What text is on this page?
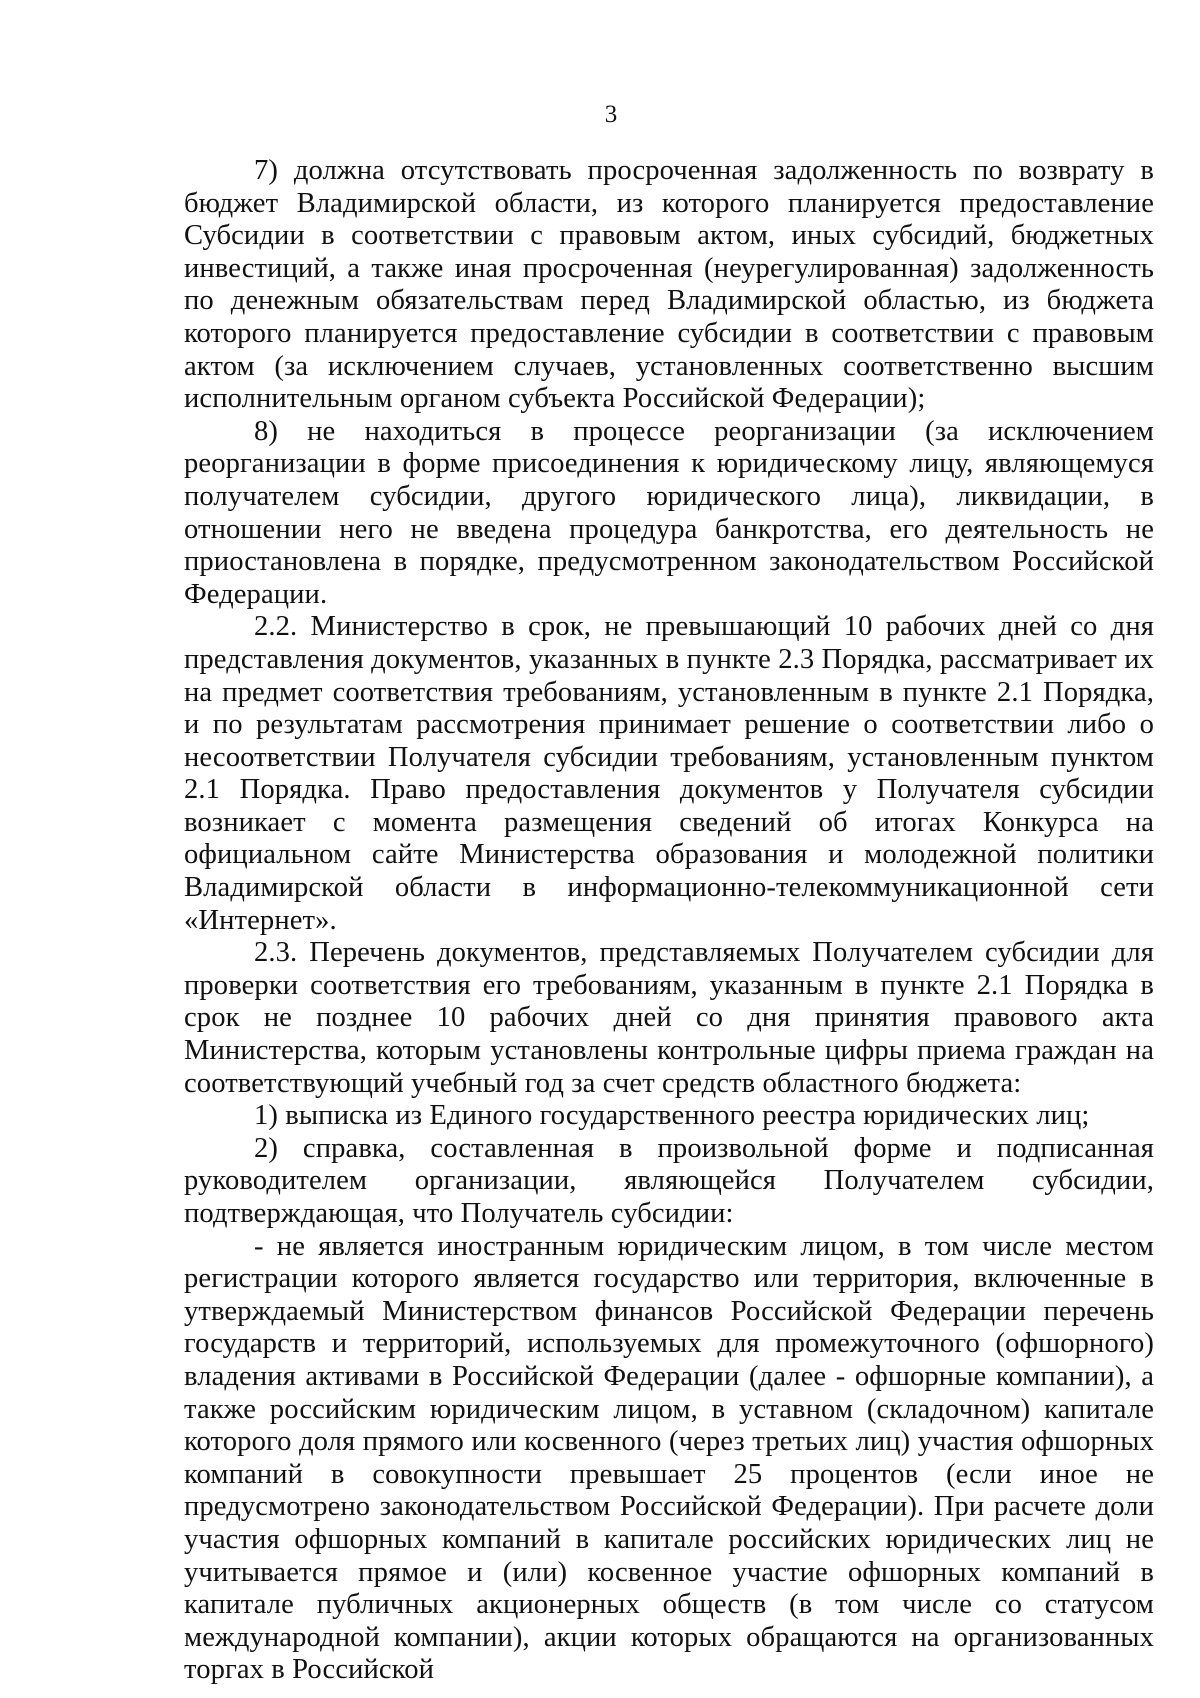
3

7) должна отсутствовать просроченная задолженность по возврату в бюджет Владимирской области, из которого планируется предоставление Субсидии в соответствии с правовым актом, иных субсидий, бюджетных инвестиций, а также иная просроченная (неурегулированная) задолженность по денежным обязательствам перед Владимирской областью, из бюджета которого планируется предоставление субсидии в соответствии с правовым актом (за исключением случаев, установленных соответственно высшим исполнительным органом субъекта Российской Федерации);

8) не находиться в процессе реорганизации (за исключением реорганизации в форме присоединения к юридическому лицу, являющемуся получателем субсидии, другого юридического лица), ликвидации, в отношении него не введена процедура банкротства, его деятельность не приостановлена в порядке, предусмотренном законодательством Российской Федерации.

2.2. Министерство в срок, не превышающий 10 рабочих дней со дня представления документов, указанных в пункте 2.3 Порядка, рассматривает их на предмет соответствия требованиям, установленным в пункте 2.1 Порядка, и по результатам рассмотрения принимает решение о соответствии либо о несоответствии Получателя субсидии требованиям, установленным пунктом 2.1 Порядка. Право предоставления документов у Получателя субсидии возникает с момента размещения сведений об итогах Конкурса на официальном сайте Министерства образования и молодежной политики Владимирской области в информационно-телекоммуникационной сети «Интернет».

2.3. Перечень документов, представляемых Получателем субсидии для проверки соответствия его требованиям, указанным в пункте 2.1 Порядка в срок не позднее 10 рабочих дней со дня принятия правового акта Министерства, которым установлены контрольные цифры приема граждан на соответствующий учебный год за счет средств областного бюджета:

1) выписка из Единого государственного реестра юридических лиц;

2) справка, составленная в произвольной форме и подписанная руководителем организации, являющейся Получателем субсидии, подтверждающая, что Получатель субсидии:

- не является иностранным юридическим лицом, в том числе местом регистрации которого является государство или территория, включенные в утверждаемый Министерством финансов Российской Федерации перечень государств и территорий, используемых для промежуточного (офшорного) владения активами в Российской Федерации (далее - офшорные компании), а также российским юридическим лицом, в уставном (складочном) капитале которого доля прямого или косвенного (через третьих лиц) участия офшорных компаний в совокупности превышает 25 процентов (если иное не предусмотрено законодательством Российской Федерации). При расчете доли участия офшорных компаний в капитале российских юридических лиц не учитывается прямое и (или) косвенное участие офшорных компаний в капитале публичных акционерных обществ (в том числе со статусом международной компании), акции которых обращаются на организованных торгах в Российской
